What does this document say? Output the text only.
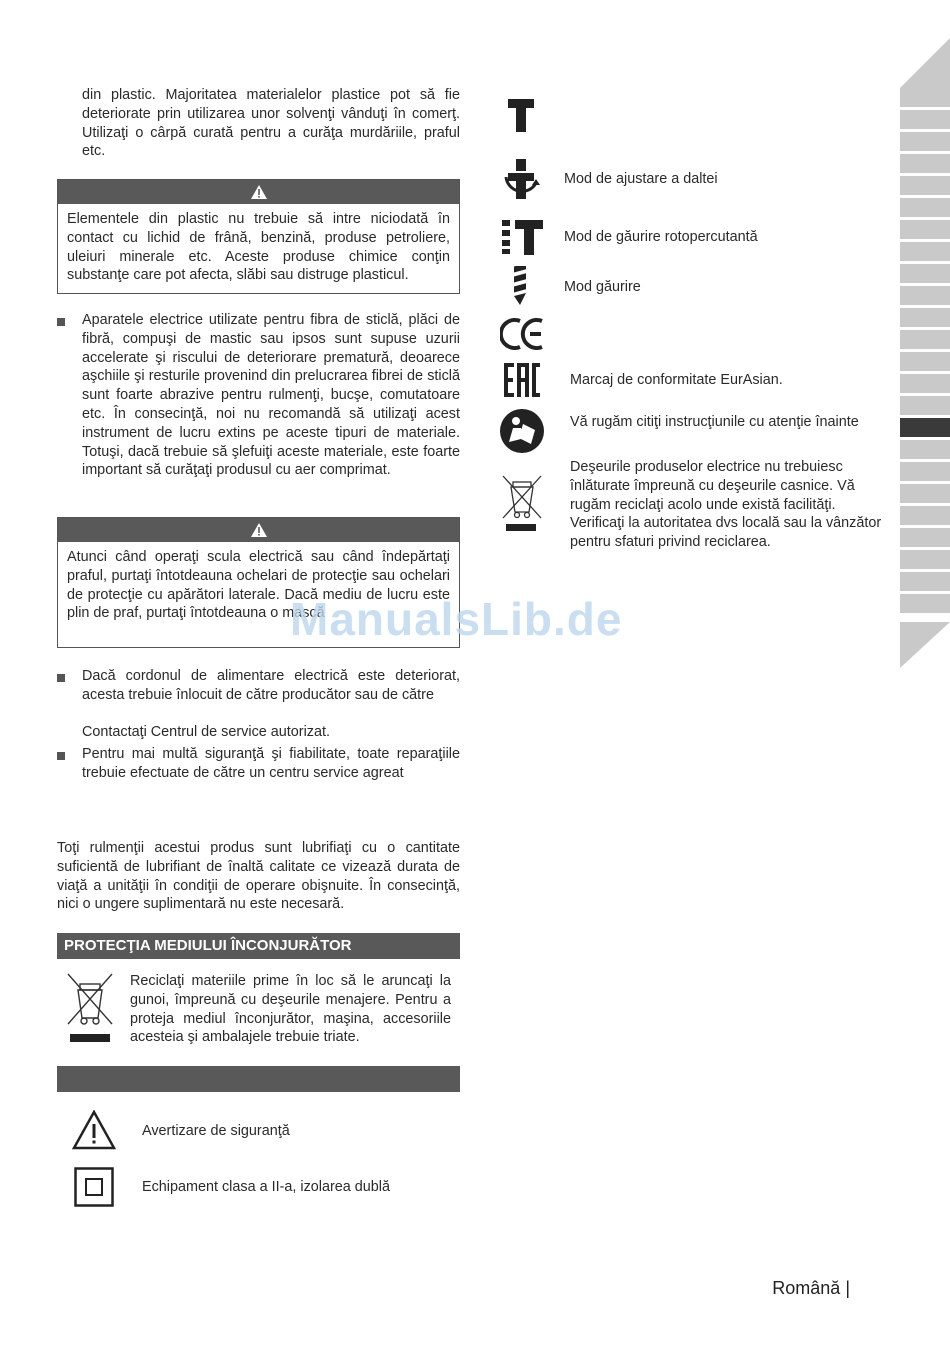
din plastic. Majoritatea materialelor plastice pot să fie deteriorate prin utilizarea unor solvenţi vânduţi în comerţ. Utilizaţi o cârpă curată pentru a curăţa murdăriile, praful etc.
Elementele din plastic nu trebuie să intre niciodată în contact cu lichid de frână, benzină, produse petroliere, uleiuri minerale etc. Aceste produse chimice conţin substanţe care pot afecta, slăbi sau distruge plasticul.
Aparatele electrice utilizate pentru fibra de sticlă, plăci de fibră, compuşi de mastic sau ipsos sunt supuse uzurii accelerate şi riscului de deteriorare prematură, deoarece aşchiile şi resturile provenind din prelucrarea fibrei de sticlă sunt foarte abrazive pentru rulmenţi, bucşe, comutatoare etc. În consecinţă, noi nu recomandă să utilizaţi acest instrument de lucru extins pe aceste tipuri de materiale. Totuşi, dacă trebuie să şlefuiţi aceste materiale, este foarte important să curăţaţi produsul cu aer comprimat.
Atunci când operaţi scula electrică sau când îndepărtaţi praful, purtaţi întotdeauna ochelari de protecţie sau ochelari de protecţie cu apărători laterale. Dacă mediu de lucru este plin de praf, purtaţi întotdeauna o mască
Dacă cordonul de alimentare electrică este deteriorat, acesta trebuie înlocuit de către producător sau de către
Contactaţi Centrul de service autorizat.
Pentru mai multă siguranţă şi fiabilitate, toate reparaţiile trebuie efectuate de către un centru service agreat
Toţi rulmenţii acestui produs sunt lubrifiaţi cu o cantitate suficientă de lubrifiant de înaltă calitate ce vizează durata de viaţă a unităţii în condiţii de operare obişnuite. În consecinţă, nici o ungere suplimentară nu este necesară.
PROTECŢIA MEDIULUI ÎNCONJURĂTOR
Reciclaţi materiile prime în loc să le aruncaţi la gunoi, împreună cu deşeurile menajere. Pentru a proteja mediul înconjurător, maşina, accesoriile acesteia şi ambalajele trebuie triate.
Avertizare de siguranţă
Echipament clasa a II-a, izolarea dublă
Mod de ajustare a daltei
Mod de găurire rotopercutantă
Mod găurire
Marcaj de conformitate EurAsian.
Vă rugăm citiţi instrucţiunile cu atenţie înainte
Deşeurile produselor electrice nu trebuiesc înlăturate împreună cu deşeurile casnice. Vă rugăm reciclaţi acolo unde există facilităţi. Verificaţi la autoritatea dvs locală sau la vânzător pentru sfaturi privind reciclarea.
ManualsLib.de
Română |
